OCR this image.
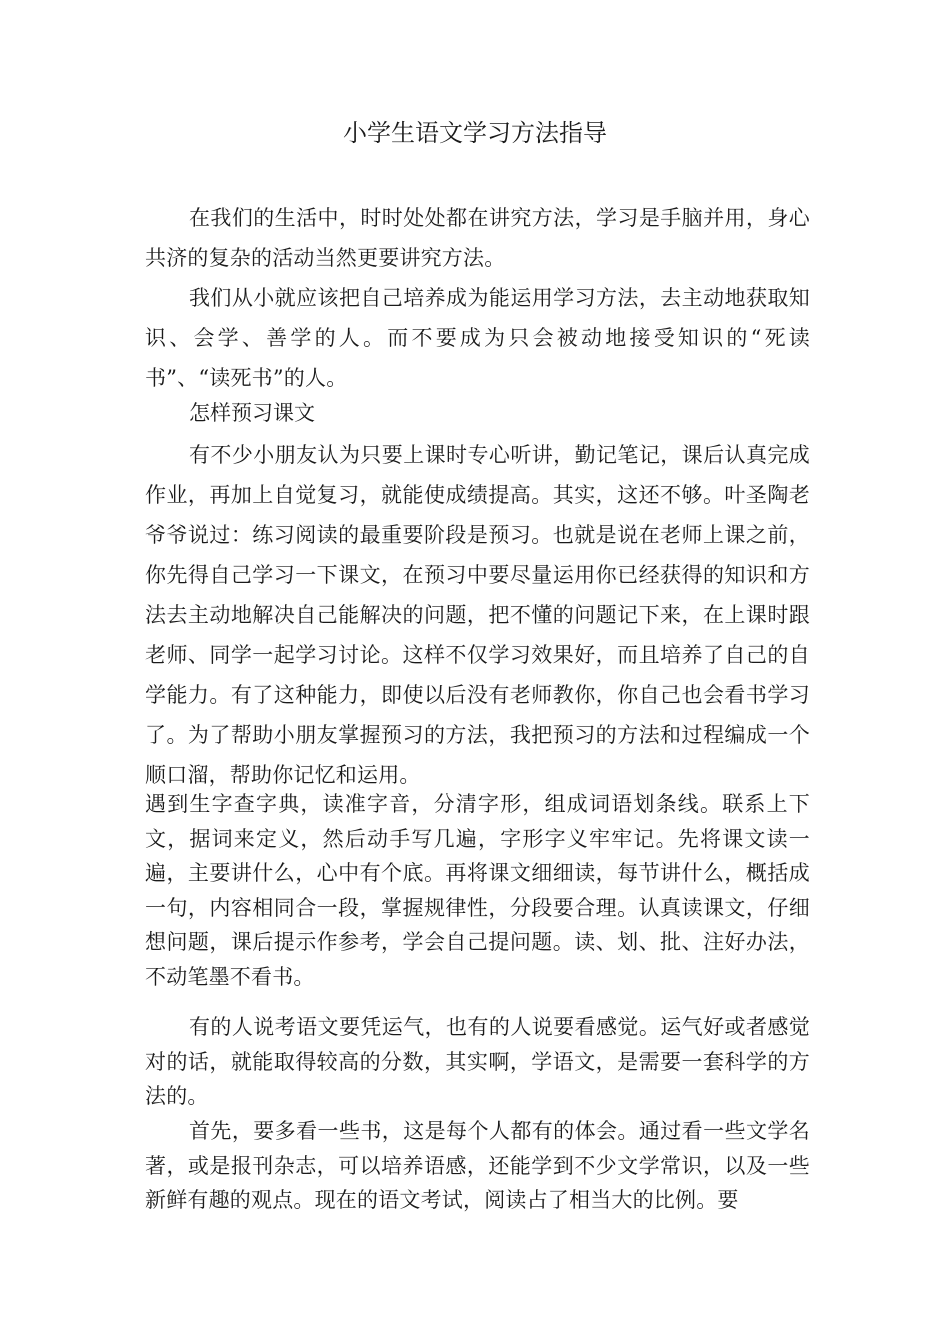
小学生语文学习方法指导

在我们的生活中，时时处处都在讲究方法，学习是手脑并用，身心共济的复杂的活动当然更要讲究方法。

我们从小就应该把自己培养成为能运用学习方法，去主动地获取知识、会学、善学的人。而不要成为只会被动地接受知识的“死读书”、“读死书”的人。

怎样预习课文

有不少小朋友认为只要上课时专心听讲，勤记笔记，课后认真完成作业，再加上自觉复习，就能使成绩提高。其实，这还不够。叶圣陶老爷爷说过：练习阅读的最重要阶段是预习。也就是说在老师上课之前，你先得自己学习一下课文，在预习中要尽量运用你已经获得的知识和方法去主动地解决自己能解决的问题，把不懂的问题记下来，在上课时跟老师、同学一起学习讨论。这样不仅学习效果好，而且培养了自己的自学能力。有了这种能力，即使以后没有老师教你，你自己也会看书学习了。为了帮助小朋友掌握预习的方法，我把预习的方法和过程编成一个顺口溜，帮助你记忆和运用。

遇到生字查字典，读准字音，分清字形，组成词语划条线。联系上下文，据词来定义，然后动手写几遍，字形字义牢牢记。先将课文读一遍，主要讲什么，心中有个底。再将课文细细读，每节讲什么，概括成一句，内容相同合一段，掌握规律性，分段要合理。认真读课文，仔细想问题，课后提示作参考，学会自己提问题。读、划、批、注好办法，不动笔墨不看书。

有的人说考语文要凭运气，也有的人说要看感觉。运气好或者感觉对的话，就能取得较高的分数，其实啊，学语文，是需要一套科学的方法的。

首先，要多看一些书，这是每个人都有的体会。通过看一些文学名著，或是报刊杂志，可以培养语感，还能学到不少文学常识，以及一些新鲜有趣的观点。现在的语文考试，阅读占了相当大的比例。要
